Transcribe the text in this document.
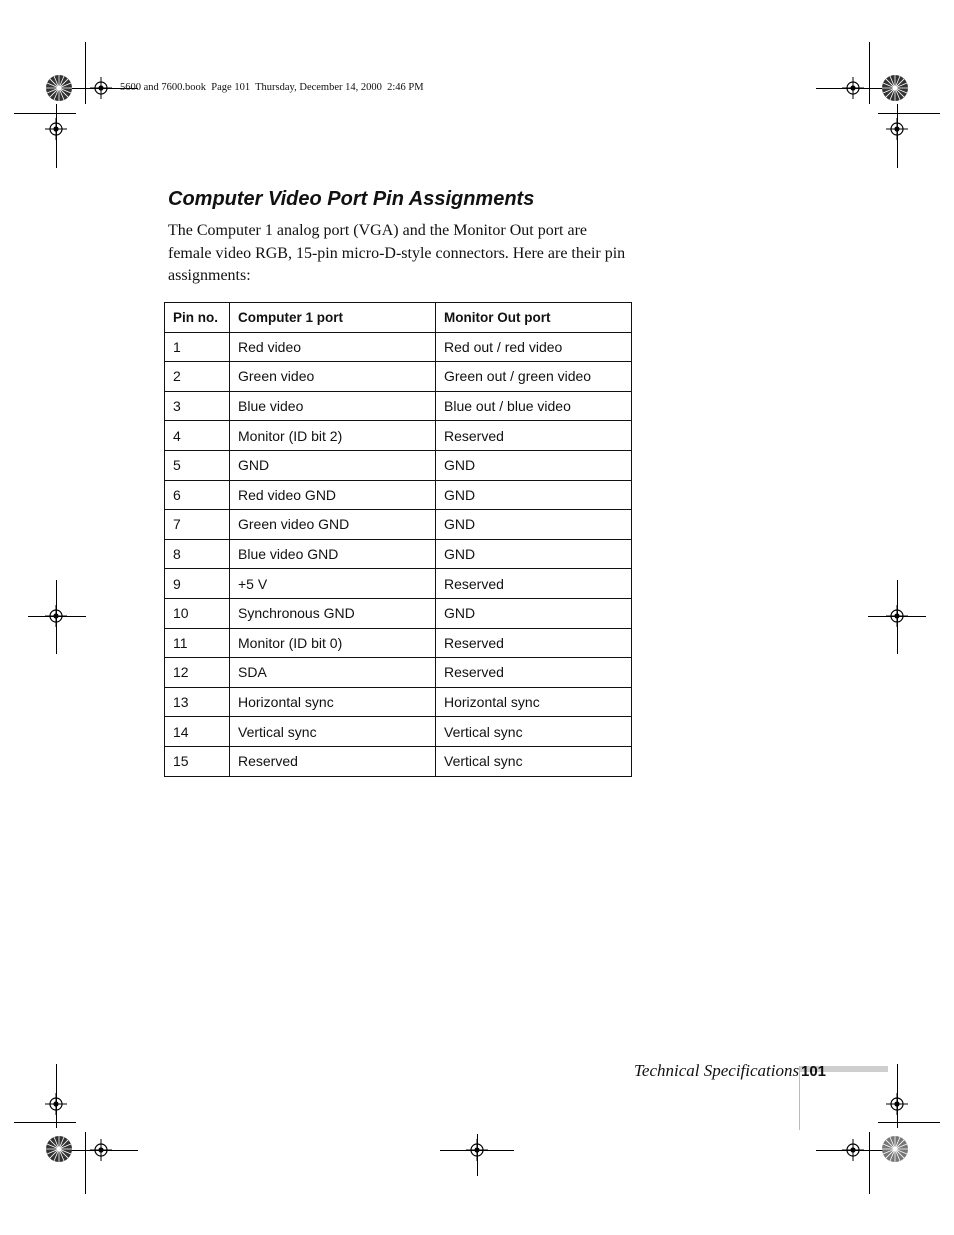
5600 and 7600.book  Page 101  Thursday, December 14, 2000  2:46 PM
Computer Video Port Pin Assignments

The Computer 1 analog port (VGA) and the Monitor Out port are female video RGB, 15-pin micro-D-style connectors. Here are their pin assignments:

Pin no.	Computer 1 port	Monitor Out port
1	Red video	Red out / red video
2	Green video	Green out / green video
3	Blue video	Blue out / blue video
4	Monitor (ID bit 2)	Reserved
5	GND	GND
6	Red video GND	GND
7	Green video GND	GND
8	Blue video GND	GND
9	+5 V	Reserved
10	Synchronous GND	GND
11	Monitor (ID bit 0)	Reserved
12	SDA	Reserved
13	Horizontal sync	Horizontal sync
14	Vertical sync	Vertical sync
15	Reserved	Vertical sync
Technical Specifications 101
